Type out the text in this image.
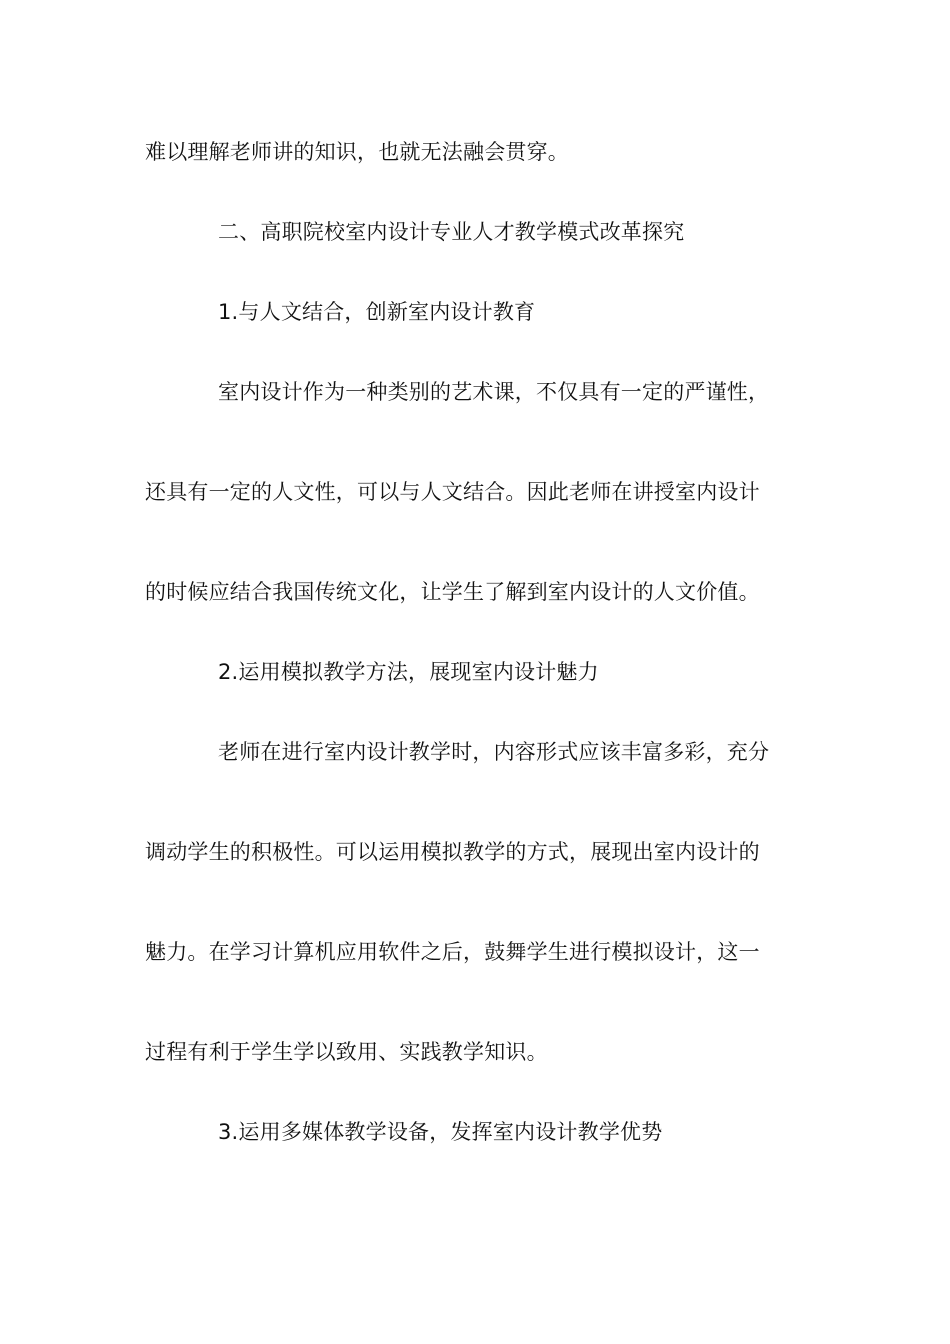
难以理解老师讲的知识，也就无法融会贯穿。
二、高职院校室内设计专业人才教学模式改革探究
1.与人文结合，创新室内设计教育
室内设计作为一种类别的艺术课，不仅具有一定的严谨性，
还具有一定的人文性，可以与人文结合。因此老师在讲授室内设计
的时候应结合我国传统文化，让学生了解到室内设计的人文价值。
2.运用模拟教学方法，展现室内设计魅力
老师在进行室内设计教学时，内容形式应该丰富多彩，充分
调动学生的积极性。可以运用模拟教学的方式，展现出室内设计的
魅力。在学习计算机应用软件之后，鼓舞学生进行模拟设计，这一
过程有利于学生学以致用、实践教学知识。
3.运用多媒体教学设备，发挥室内设计教学优势
